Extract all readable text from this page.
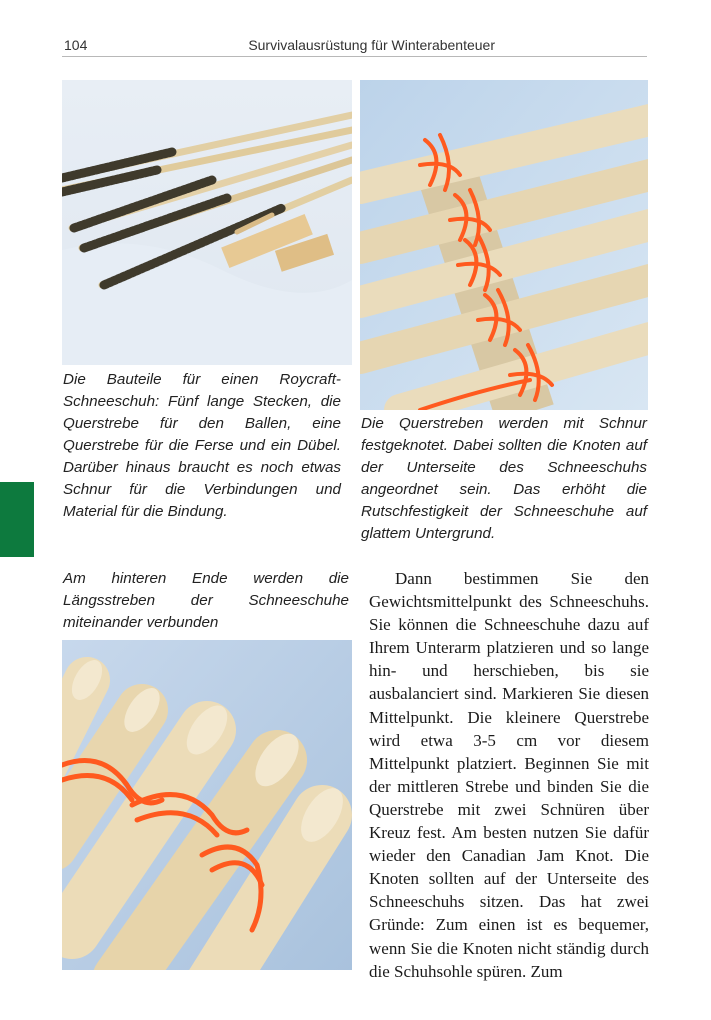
104	Survivalausrüstung für Winterabenteuer

Die Bauteile für einen Roycraft-Schneeschuh: Fünf lange Stecken, die Querstrebe für den Ballen, eine Querstrebe für die Ferse und ein Dübel. Darüber hinaus braucht es noch etwas Schnur für die Verbindungen und Material für die Bindung.

Die Querstreben werden mit Schnur festgeknotet. Dabei sollten die Knoten auf der Unterseite des Schneeschuhs angeordnet sein. Das erhöht die Rutschfestigkeit der Schneeschuhe auf glattem Untergrund.

Am hinteren Ende werden die Längsstreben der Schneeschuhe miteinander verbunden

Dann bestimmen Sie den Gewichtsmittelpunkt des Schneeschuhs. Sie können die Schneeschuhe dazu auf Ihrem Unterarm platzieren und so lange hin- und herschieben, bis sie ausbalanciert sind. Markieren Sie diesen Mittelpunkt. Die kleinere Querstrebe wird etwa 3-5 cm vor diesem Mittelpunkt platziert. Beginnen Sie mit der mittleren Strebe und binden Sie die Querstrebe mit zwei Schnüren über Kreuz fest. Am besten nutzen Sie dafür wieder den Canadian Jam Knot. Die Knoten sollten auf der Unterseite des Schneeschuhs sitzen. Das hat zwei Gründe: Zum einen ist es bequemer, wenn Sie die Knoten nicht ständig durch die Schuhsohle spüren. Zum
